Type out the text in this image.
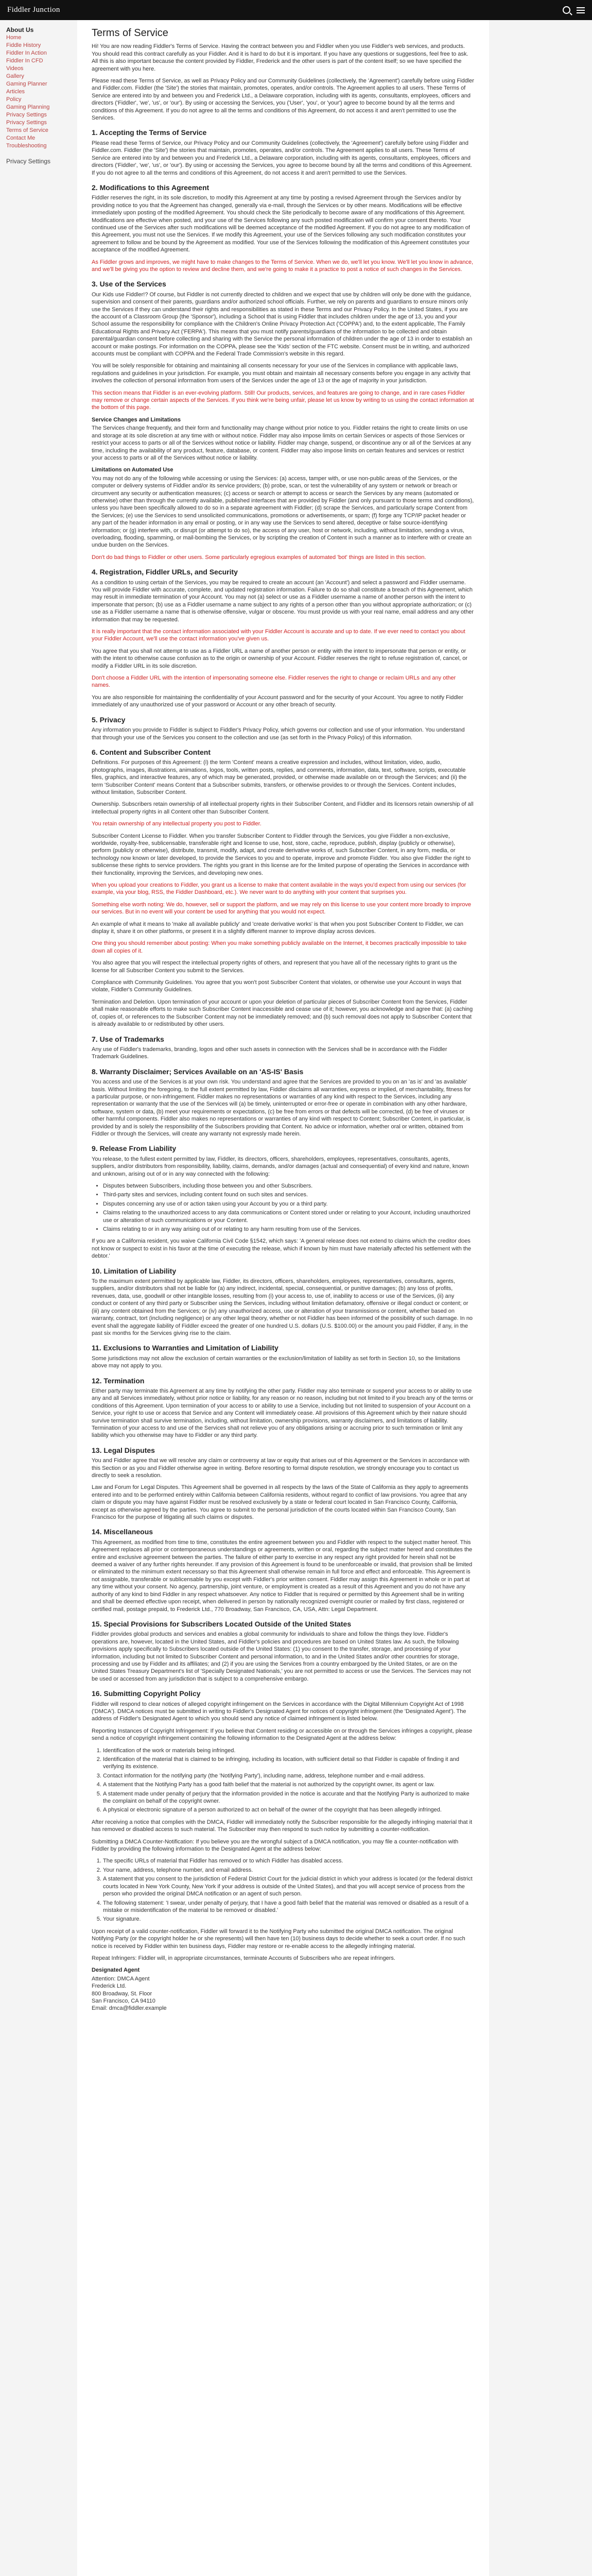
Fiddler Junction
About Us
Home
Fiddle History
Fiddler In Action
Fiddler In CFD
Videos
Gallery
Gaming Planner
Articles
Policy
Gaming Planning
Privacy Settings
Privacy Settings
Terms of Service
Contact Me
Troubleshooting
Privacy Settings
Terms of Service

Hi! You are now reading Fiddler's Terms of Service. Having the contract between you and Fiddler when you use Fiddler's web services, and products. You should read this contract carefully as your Fiddler. And it is hard to do but it is important. If you have any questions or suggestions, feel free to ask. All this is also important because the content provided by Fiddler, Frederick and the other users is part of the content itself; so we have specified the agreement with you here.

Please read these Terms of Service, as well as Privacy Policy and our Community Guidelines (collectively, the 'Agreement') carefully before using Fiddler and Fiddler.com. Fiddler (the 'Site') the stories that maintain, promotes, operates, and/or controls. The Agreement applies to all users. These Terms of Service are entered into by and between you and Frederick Ltd., a Delaware corporation, including with its agents, consultants, employees, officers and directors ('Fiddler', 'we', 'us', or 'our'). By using or accessing the Services, you ('User', 'you', or 'your') agree to become bound by all the terms and conditions of this Agreement. If you do not agree to all the terms and conditions of this Agreement, do not access it and aren't permitted to use the Services.

1. Accepting the Terms of Service

Please read these Terms of Service, our Privacy Policy and our Community Guidelines (collectively, the 'Agreement') carefully before using Fiddler and Fiddler.com. Fiddler (the 'Site') the stories that maintain, promotes, operates, and/or controls. The Agreement applies to all users. These Terms of Service are entered into by and between you and Frederick Ltd., a Delaware corporation, including with its agents, consultants, employees, officers and directors ('Fiddler', 'we', 'us', or 'our'). By using or accessing the Services, you agree to become bound by all the terms and conditions of this Agreement. If you do not agree to all the terms and conditions of this Agreement, do not access it and aren't permitted to use the Services.

2. Modifications to this Agreement

Fiddler reserves the right, in its sole discretion, to modify this Agreement at any time by posting a revised Agreement through the Services and/or by providing notice to you that the Agreement has changed, generally via e-mail, through the Services or by other means. Modifications will be effective immediately upon posting of the modified Agreement. You should check the Site periodically to become aware of any modifications of this Agreement. Modifications are effective when posted, and your use of the Services following any such posted modification will confirm your consent thereto. Your continued use of the Services after such modifications will be deemed acceptance of the modified Agreement. If you do not agree to any modification of this Agreement, you must not use the Services. If we modify this Agreement, your use of the Services following any such modification constitutes your agreement to follow and be bound by the Agreement as modified. Your use of the Services following the modification of this Agreement constitutes your acceptance of the modified Agreement.

As Fiddler grows and improves, we might have to make changes to the Terms of Service. When we do, we'll let you know. We'll let you know in advance, and we'll be giving you the option to review and decline them, and we're going to make it a practice to post a notice of such changes in the Services.

3. Use of the Services

Our Kids use Fiddler!? Of course, but Fiddler is not currently directed to children and we expect that use by children will only be done with the guidance, supervision and consent of their parents, guardians and/or authorized school officials. Further, we rely on parents and guardians to ensure minors only use the Services if they can understand their rights and responsibilities as stated in these Terms and our Privacy Policy. In the United States, if you are the account of a Classroom Group (the 'Sponsor'), including a School that is using Fiddler that includes children under the age of 13, you and your School assume the responsibility for compliance with the Children's Online Privacy Protection Act ('COPPA') and, to the extent applicable, The Family Educational Rights and Privacy Act ('FERPA'). This means that you must notify parents/guardians of the information to be collected and obtain parental/guardian consent before collecting and sharing with the Service the personal information of children under the age of 13 in order to establish an account or make postings. For information on the COPPA, please see the 'Kids' section of the FTC website. Consent must be in writing, and authorized accounts must be compliant with COPPA and the Federal Trade Commission's website in this regard.

You will be solely responsible for obtaining and maintaining all consents necessary for your use of the Services in compliance with applicable laws, regulations and guidelines in your jurisdiction. For example, you must obtain and maintain all necessary consents before you engage in any activity that involves the collection of personal information from users of the Services under the age of 13 or the age of majority in your jurisdiction.

This section means that Fiddler is an ever-evolving platform. Still! Our products, services, and features are going to change, and in rare cases Fiddler may remove or change certain aspects of the Services. If you think we're being unfair, please let us know by writing to us using the contact information at the bottom of this page.

Service Changes and Limitations

The Services change frequently, and their form and functionality may change without prior notice to you. Fiddler retains the right to create limits on use and storage at its sole discretion at any time with or without notice. Fiddler may also impose limits on certain Services or aspects of those Services or restrict your access to parts or all of the Services without notice or liability. Fiddler may change, suspend, or discontinue any or all of the Services at any time, including the availability of any product, feature, database, or content. Fiddler may also impose limits on certain features and services or restrict your access to parts or all of the Services without notice or liability.

Limitations on Automated Use

You may not do any of the following while accessing or using the Services: (a) access, tamper with, or use non-public areas of the Services, or the computer or delivery systems of Fiddler and/or its service providers; (b) probe, scan, or test the vulnerability of any system or network or breach or circumvent any security or authentication measures; (c) access or search or attempt to access or search the Services by any means (automated or otherwise) other than through the currently available, published interfaces that are provided by Fiddler (and only pursuant to those terms and conditions), unless you have been specifically allowed to do so in a separate agreement with Fiddler; (d) scrape the Services, and particularly scrape Content from the Services; (e) use the Services to send unsolicited communications, promotions or advertisements, or spam; (f) forge any TCP/IP packet header or any part of the header information in any email or posting, or in any way use the Services to send altered, deceptive or false source-identifying information; or (g) interfere with, or disrupt (or attempt to do so), the access of any user, host or network, including, without limitation, sending a virus, overloading, flooding, spamming, or mail-bombing the Services, or by scripting the creation of Content in such a manner as to interfere with or create an undue burden on the Services.

Don't do bad things to Fiddler or other users. Some particularly egregious examples of automated 'bot' things are listed in this section.

4. Registration, Fiddler URLs, and Security

As a condition to using certain of the Services, you may be required to create an account (an 'Account') and select a password and Fiddler username. You will provide Fiddler with accurate, complete, and updated registration information. Failure to do so shall constitute a breach of this Agreement, which may result in immediate termination of your Account. You may not (a) select or use as a Fiddler username a name of another person with the intent to impersonate that person; (b) use as a Fiddler username a name subject to any rights of a person other than you without appropriate authorization; or (c) use as a Fiddler username a name that is otherwise offensive, vulgar or obscene. You must provide us with your real name, email address and any other information that may be requested.

It is really important that the contact information associated with your Fiddler Account is accurate and up to date. If we ever need to contact you about your Fiddler Account, we'll use the contact information you've given us.

You agree that you shall not attempt to use as a Fiddler URL a name of another person or entity with the intent to impersonate that person or entity, or with the intent to otherwise cause confusion as to the origin or ownership of your Account. Fiddler reserves the right to refuse registration of, cancel, or modify a Fiddler URL in its sole discretion.

Don't choose a Fiddler URL with the intention of impersonating someone else. Fiddler reserves the right to change or reclaim URLs and any other names.

You are also responsible for maintaining the confidentiality of your Account password and for the security of your Account. You agree to notify Fiddler immediately of any unauthorized use of your password or Account or any other breach of security.

5. Privacy

Any information you provide to Fiddler is subject to Fiddler's Privacy Policy, which governs our collection and use of your information. You understand that through your use of the Services you consent to the collection and use (as set forth in the Privacy Policy) of this information.

6. Content and Subscriber Content

Definitions. For purposes of this Agreement: (i) the term 'Content' means a creative expression and includes, without limitation, video, audio, photographs, images, illustrations, animations, logos, tools, written posts, replies, and comments, information, data, text, software, scripts, executable files, graphics, and interactive features, any of which may be generated, provided, or otherwise made available on or through the Services; and (ii) the term 'Subscriber Content' means Content that a Subscriber submits, transfers, or otherwise provides to or through the Services. Content includes, without limitation, Subscriber Content.

Ownership. Subscribers retain ownership of all intellectual property rights in their Subscriber Content, and Fiddler and its licensors retain ownership of all intellectual property rights in all Content other than Subscriber Content.

You retain ownership of any intellectual property you post to Fiddler.

Subscriber Content License to Fiddler. When you transfer Subscriber Content to Fiddler through the Services, you give Fiddler a non-exclusive, worldwide, royalty-free, sublicensable, transferable right and license to use, host, store, cache, reproduce, publish, display (publicly or otherwise), perform (publicly or otherwise), distribute, transmit, modify, adapt, and create derivative works of, such Subscriber Content, in any form, media, or technology now known or later developed, to provide the Services to you and to operate, improve and promote Fiddler. You also give Fiddler the right to sublicense these rights to service providers. The rights you grant in this license are for the limited purpose of operating the Services in accordance with their functionality, improving the Services, and developing new ones.

When you upload your creations to Fiddler, you grant us a license to make that content available in the ways you'd expect from using our services (for example, via your blog, RSS, the Fiddler Dashboard, etc.). We never want to do anything with your content that surprises you.

Something else worth noting: We do, however, sell or support the platform, and we may rely on this license to use your content more broadly to improve our services. But in no event will your content be used for anything that you would not expect.

An example of what it means to 'make all available publicly' and 'create derivative works' is that when you post Subscriber Content to Fiddler, we can display it, share it on other platforms, or present it in a slightly different manner to improve display across devices.

One thing you should remember about posting: When you make something publicly available on the Internet, it becomes practically impossible to take down all copies of it.

You also agree that you will respect the intellectual property rights of others, and represent that you have all of the necessary rights to grant us the license for all Subscriber Content you submit to the Services.

Compliance with Community Guidelines. You agree that you won't post Subscriber Content that violates, or otherwise use your Account in ways that violate, Fiddler's Community Guidelines.

Termination and Deletion. Upon termination of your account or upon your deletion of particular pieces of Subscriber Content from the Services, Fiddler shall make reasonable efforts to make such Subscriber Content inaccessible and cease use of it; however, you acknowledge and agree that: (a) caching of, copies of, or references to the Subscriber Content may not be immediately removed; and (b) such removal does not apply to Subscriber Content that is already available to or redistributed by other users.

7. Use of Trademarks

Any use of Fiddler's trademarks, branding, logos and other such assets in connection with the Services shall be in accordance with the Fiddler Trademark Guidelines.

8. Warranty Disclaimer; Services Available on an 'AS-IS' Basis

You access and use of the Services is at your own risk. You understand and agree that the Services are provided to you on an 'as is' and 'as available' basis. Without limiting the foregoing, to the full extent permitted by law, Fiddler disclaims all warranties, express or implied, of merchantability, fitness for a particular purpose, or non-infringement. Fiddler makes no representations or warranties of any kind with respect to the Services, including any representation or warranty that the use of the Services will (a) be timely, uninterrupted or error-free or operate in combination with any other hardware, software, system or data, (b) meet your requirements or expectations, (c) be free from errors or that defects will be corrected, (d) be free of viruses or other harmful components. Fiddler also makes no representations or warranties of any kind with respect to Content; Subscriber Content, in particular, is provided by and is solely the responsibility of the Subscribers providing that Content. No advice or information, whether oral or written, obtained from Fiddler or through the Services, will create any warranty not expressly made herein.

9. Release From Liability

You release, to the fullest extent permitted by law, Fiddler, its directors, officers, shareholders, employees, representatives, consultants, agents, suppliers, and/or distributors from responsibility, liability, claims, demands, and/or damages (actual and consequential) of every kind and nature, known and unknown, arising out of or in any way connected with the following:

• Disputes between Subscribers, including those between you and other Subscribers.
• Third-party sites and services, including content found on such sites and services.
• Disputes concerning any use of or action taken using your Account by you or a third party.
• Claims relating to the unauthorized access to any data communications or Content stored under or relating to your Account, including unauthorized use or alteration of such communications or your Content.
• Claims relating to or in any way arising out of or relating to any harm resulting from use of the Services.

If you are a California resident, you waive California Civil Code §1542, which says: 'A general release does not extend to claims which the creditor does not know or suspect to exist in his favor at the time of executing the release, which if known by him must have materially affected his settlement with the debtor.'

10. Limitation of Liability

To the maximum extent permitted by applicable law, Fiddler, its directors, officers, shareholders, employees, representatives, consultants, agents, suppliers, and/or distributors shall not be liable for (a) any indirect, incidental, special, consequential, or punitive damages; (b) any loss of profits, revenues, data, use, goodwill or other intangible losses, resulting from (i) your access to, use of, inability to access or use of the Services, (ii) any conduct or content of any third party or Subscriber using the Services, including without limitation defamatory, offensive or illegal conduct or content; or (iii) any content obtained from the Services; or (iv) any unauthorized access, use or alteration of your transmissions or content, whether based on warranty, contract, tort (including negligence) or any other legal theory, whether or not Fiddler has been informed of the possibility of such damage. In no event shall the aggregate liability of Fiddler exceed the greater of one hundred U.S. dollars (U.S. $100.00) or the amount you paid Fiddler, if any, in the past six months for the Services giving rise to the claim.

11. Exclusions to Warranties and Limitation of Liability

Some jurisdictions may not allow the exclusion of certain warranties or the exclusion/limitation of liability as set forth in Section 10, so the limitations above may not apply to you.

12. Termination

Either party may terminate this Agreement at any time by notifying the other party. Fiddler may also terminate or suspend your access to or ability to use any and all Services immediately, without prior notice or liability, for any reason or no reason, including but not limited to if you breach any of the terms or conditions of this Agreement. Upon termination of your access to or ability to use a Service, including but not limited to suspension of your Account on a Service, your right to use or access that Service and any Content will immediately cease. All provisions of this Agreement which by their nature should survive termination shall survive termination, including, without limitation, ownership provisions, warranty disclaimers, and limitations of liability. Termination of your access to and use of the Services shall not relieve you of any obligations arising or accruing prior to such termination or limit any liability which you otherwise may have to Fiddler or any third party.

13. Legal Disputes

You and Fiddler agree that we will resolve any claim or controversy at law or equity that arises out of this Agreement or the Services in accordance with this Section or as you and Fiddler otherwise agree in writing. Before resorting to formal dispute resolution, we strongly encourage you to contact us directly to seek a resolution.

Law and Forum for Legal Disputes. This Agreement shall be governed in all respects by the laws of the State of California as they apply to agreements entered into and to be performed entirely within California between California residents, without regard to conflict of law provisions. You agree that any claim or dispute you may have against Fiddler must be resolved exclusively by a state or federal court located in San Francisco County, California, except as otherwise agreed by the parties. You agree to submit to the personal jurisdiction of the courts located within San Francisco County, San Francisco for the purpose of litigating all such claims or disputes.

14. Miscellaneous

This Agreement, as modified from time to time, constitutes the entire agreement between you and Fiddler with respect to the subject matter hereof. This Agreement replaces all prior or contemporaneous understandings or agreements, written or oral, regarding the subject matter hereof and constitutes the entire and exclusive agreement between the parties. The failure of either party to exercise in any respect any right provided for herein shall not be deemed a waiver of any further rights hereunder. If any provision of this Agreement is found to be unenforceable or invalid, that provision shall be limited or eliminated to the minimum extent necessary so that this Agreement shall otherwise remain in full force and effect and enforceable. This Agreement is not assignable, transferable or sublicensable by you except with Fiddler's prior written consent. Fiddler may assign this Agreement in whole or in part at any time without your consent. No agency, partnership, joint venture, or employment is created as a result of this Agreement and you do not have any authority of any kind to bind Fiddler in any respect whatsoever. Any notice to Fiddler that is required or permitted by this Agreement shall be in writing and shall be deemed effective upon receipt, when delivered in person by nationally recognized overnight courier or mailed by first class, registered or certified mail, postage prepaid, to Frederick Ltd., 770 Broadway, San Francisco, CA, USA, Attn: Legal Department.

15. Special Provisions for Subscribers Located Outside of the United States

Fiddler provides global products and services and enables a global community for individuals to share and follow the things they love. Fiddler's operations are, however, located in the United States, and Fiddler's policies and procedures are based on United States law. As such, the following provisions apply specifically to Subscribers located outside of the United States: (1) you consent to the transfer, storage, and processing of your information, including but not limited to Subscriber Content and personal information, to and in the United States and/or other countries for storage, processing and use by Fiddler and its affiliates; and (2) if you are using the Services from a country embargoed by the United States, or are on the United States Treasury Department's list of 'Specially Designated Nationals,' you are not permitted to access or use the Services. The Services may not be used or accessed from any jurisdiction that is subject to a comprehensive embargo.

16. Submitting Copyright Policy

Fiddler will respond to clear notices of alleged copyright infringement on the Services in accordance with the Digital Millennium Copyright Act of 1998 ('DMCA'). DMCA notices must be submitted in writing to Fiddler's Designated Agent for notices of copyright infringement (the 'Designated Agent'). The address of Fiddler's Designated Agent to which you should send any notice of claimed infringement is listed below.

Reporting Instances of Copyright Infringement: If you believe that Content residing or accessible on or through the Services infringes a copyright, please send a notice of copyright infringement containing the following information to the Designated Agent at the address below:

1. Identification of the work or materials being infringed.
2. Identification of the material that is claimed to be infringing, including its location, with sufficient detail so that Fiddler is capable of finding it and verifying its existence.
3. Contact information for the notifying party (the 'Notifying Party'), including name, address, telephone number and e-mail address.
4. A statement that the Notifying Party has a good faith belief that the material is not authorized by the copyright owner, its agent or law.
5. A statement made under penalty of perjury that the information provided in the notice is accurate and that the Notifying Party is authorized to make the complaint on behalf of the copyright owner.
6. A physical or electronic signature of a person authorized to act on behalf of the owner of the copyright that has been allegedly infringed.

After receiving a notice that complies with the DMCA, Fiddler will immediately notify the Subscriber responsible for the allegedly infringing material that it has removed or disabled access to such material. The Subscriber may then respond to such notice by submitting a counter-notification.

Submitting a DMCA Counter-Notification: If you believe you are the wrongful subject of a DMCA notification, you may file a counter-notification with Fiddler by providing the following information to the Designated Agent at the address below:

1. The specific URLs of material that Fiddler has removed or to which Fiddler has disabled access.
2. Your name, address, telephone number, and email address.
3. A statement that you consent to the jurisdiction of Federal District Court for the judicial district in which your address is located (or the federal district courts located in New York County, New York if your address is outside of the United States), and that you will accept service of process from the person who provided the original DMCA notification or an agent of such person.
4. The following statement: 'I swear, under penalty of perjury, that I have a good faith belief that the material was removed or disabled as a result of a mistake or misidentification of the material to be removed or disabled.'
5. Your signature.

Upon receipt of a valid counter-notification, Fiddler will forward it to the Notifying Party who submitted the original DMCA notification. The original Notifying Party (or the copyright holder he or she represents) will then have ten (10) business days to decide whether to seek a court order. If no such notice is received by Fiddler within ten business days, Fiddler may restore or re-enable access to the allegedly infringing material.

Repeat Infringers: Fiddler will, in appropriate circumstances, terminate Accounts of Subscribers who are repeat infringers.

Designated Agent
Attention: DMCA Agent
Frederick Ltd.
800 Broadway, St. Floor
San Francisco, CA 94110
Email: dmca@fiddler.example
